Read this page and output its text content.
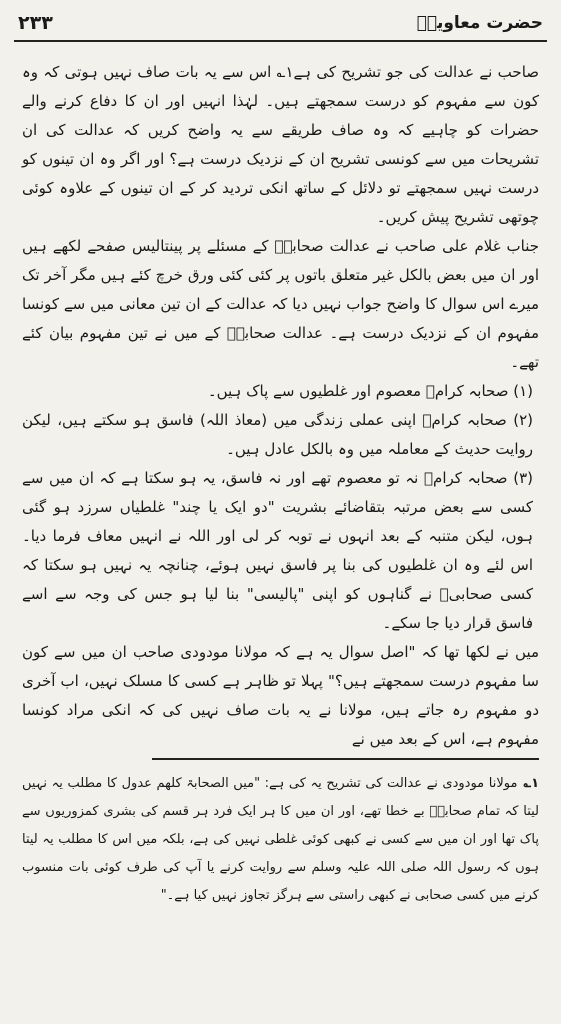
۲۳۳	حضرت معاویہؓ

صاحب نے عدالت کی جو تشریح کی ہے۱؎ اس سے یہ بات صاف نہیں ہوتی کہ وہ کون سے مفہوم کو درست سمجھتے ہیں۔ لہٰذا انہیں اور ان کا دفاع کرنے والے حضرات کو چاہیے کہ وہ صاف طریقے سے یہ واضح کریں کہ عدالت کی ان تشریحات میں سے کونسی تشریح ان کے نزدیک درست ہے؟ اور اگر وہ ان تینوں کو درست نہیں سمجھتے تو دلائل کے ساتھ انکی تردید کر کے ان تینوں کے علاوہ کوئی چوتھی تشریح پیش کریں۔

جناب غلام علی صاحب نے عدالت صحابہؓ کے مسئلے پر پینتالیس صفحے لکھے ہیں اور ان میں بعض بالکل غیر متعلق باتوں پر کئی کئی ورق خرچ کئے ہیں مگر آخر تک میرے اس سوال کا واضح جواب نہیں دیا کہ عدالت کے ان تین معانی میں سے کونسا مفہوم ان کے نزدیک درست ہے۔ عدالت صحابہؓ کے میں نے تین مفہوم بیان کئے تھے۔

(۱) صحابہ کرامؓ معصوم اور غلطیوں سے پاک ہیں۔

(۲) صحابہ کرامؓ اپنی عملی زندگی میں (معاذ اللہ) فاسق ہو سکتے ہیں، لیکن روایت حدیث کے معاملہ میں وہ بالکل عادل ہیں۔

(۳) صحابہ کرامؓ نہ تو معصوم تھے اور نہ فاسق، یہ ہو سکتا ہے کہ ان میں سے کسی سے بعض مرتبہ بتقاضائے بشریت "دو ایک یا چند" غلطیاں سرزد ہو گئی ہوں، لیکن متنبہ کے بعد انہوں نے توبہ کر لی اور اللہ نے انہیں معاف فرما دیا۔ اس لئے وہ ان غلطیوں کی بنا پر فاسق نہیں ہوئے، چنانچہ یہ نہیں ہو سکتا کہ کسی صحابیؓ نے گناہوں کو اپنی "پالیسی" بنا لیا ہو جس کی وجہ سے اسے فاسق قرار دیا جا سکے۔

میں نے لکھا تھا کہ "اصل سوال یہ ہے کہ مولانا مودودی صاحب ان میں سے کون سا مفہوم درست سمجھتے ہیں؟" پہلا تو ظاہر ہے کسی کا مسلک نہیں، اب آخری دو مفہوم رہ جاتے ہیں، مولانا نے یہ بات صاف نہیں کی کہ انکی مراد کونسا مفہوم ہے، اس کے بعد میں نے

۱؎مولانا مودودی نے عدالت کی تشریح یہ کی ہے: "میں الصحابۃ کلھم عدول کا مطلب یہ نہیں لیتا کہ تمام صحابہؓ بے خطا تھے، اور ان میں کا ہر ایک فرد ہر قسم کی بشری کمزوریوں سے پاک تھا اور ان میں سے کسی نے کبھی کوئی غلطی نہیں کی ہے، بلکہ میں اس کا مطلب یہ لیتا ہوں کہ رسول اللہ صلی اللہ علیہ وسلم سے روایت کرنے یا آپ کی طرف کوئی بات منسوب کرنے میں کسی صحابی نے کبھی راستی سے ہرگز تجاوز نہیں کیا ہے۔"
